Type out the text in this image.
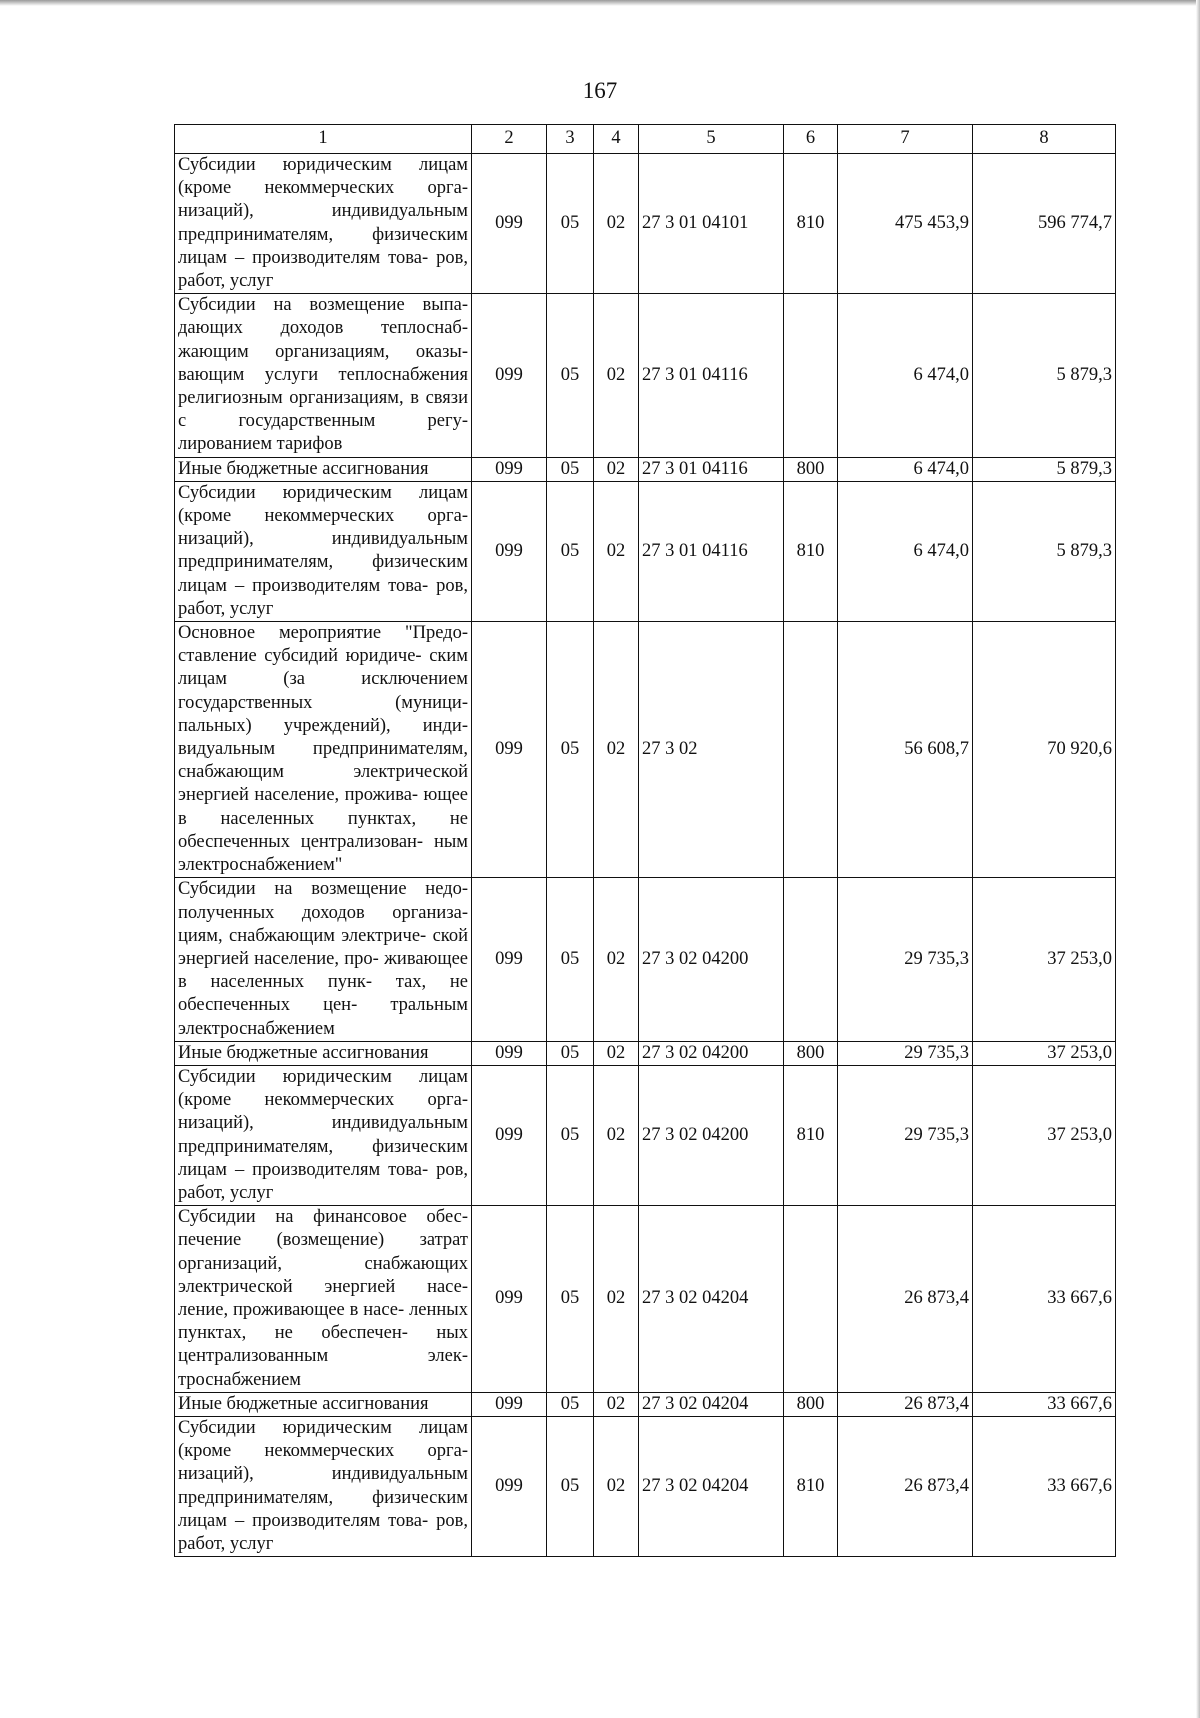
167
1	2	3	4	5	6	7	8
Субсидии юридическим лицам (кроме некоммерческих орга- низаций), индивидуальным предпринимателям, физическим лицам – производителям това- ров, работ, услуг	099	05	02	27 3 01 04101	810	475 453,9	596 774,7
Субсидии на возмещение выпа- дающих доходов теплоснаб- жающим организациям, оказы- вающим услуги теплоснабжения религиозным организациям, в связи с государственным регу- лированием тарифов	099	05	02	27 3 01 04116		6 474,0	5 879,3
Иные бюджетные ассигнования	099	05	02	27 3 01 04116	800	6 474,0	5 879,3
Субсидии юридическим лицам (кроме некоммерческих орга- низаций), индивидуальным предпринимателям, физическим лицам – производителям това- ров, работ, услуг	099	05	02	27 3 01 04116	810	6 474,0	5 879,3
Основное мероприятие "Предо- ставление субсидий юридиче- ским лицам (за исключением государственных (муници- пальных) учреждений), инди- видуальным предпринимателям, снабжающим электрической энергией население, прожива- ющее в населенных пунктах, не обеспеченных централизован- ным электроснабжением"	099	05	02	27 3 02		56 608,7	70 920,6
Субсидии на возмещение недо- полученных доходов организа- циям, снабжающим электриче- ской энергией население, про- живающее в населенных пунк- тах, не обеспеченных цен- тральным электроснабжением	099	05	02	27 3 02 04200		29 735,3	37 253,0
Иные бюджетные ассигнования	099	05	02	27 3 02 04200	800	29 735,3	37 253,0
Субсидии юридическим лицам (кроме некоммерческих орга- низаций), индивидуальным предпринимателям, физическим лицам – производителям това- ров, работ, услуг	099	05	02	27 3 02 04200	810	29 735,3	37 253,0
Субсидии на финансовое обес- печение (возмещение) затрат организаций, снабжающих электрической энергией насе- ление, проживающее в насе- ленных пунктах, не обеспечен- ных централизованным элек- троснабжением	099	05	02	27 3 02 04204		26 873,4	33 667,6
Иные бюджетные ассигнования	099	05	02	27 3 02 04204	800	26 873,4	33 667,6
Субсидии юридическим лицам (кроме некоммерческих орга- низаций), индивидуальным предпринимателям, физическим лицам – производителям това- ров, работ, услуг	099	05	02	27 3 02 04204	810	26 873,4	33 667,6
